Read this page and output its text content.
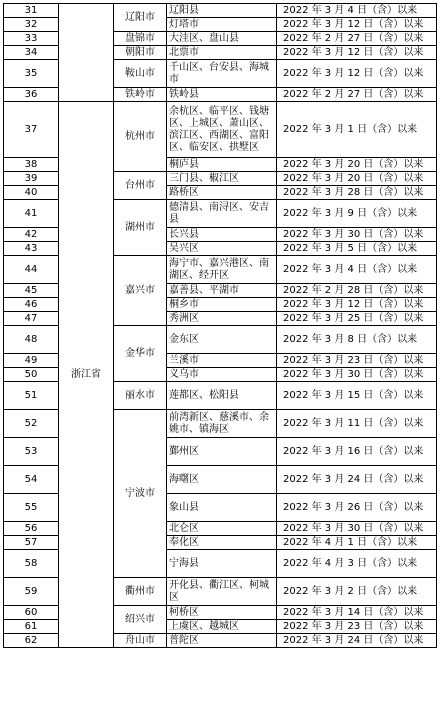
31		辽阳市	辽阳县	2022 年 3 月 4 日（含）以来
32			灯塔市	2022 年 3 月 12 日（含）以来
33		盘锦市	大洼区、盘山县	2022 年 2 月 27 日（含）以来
34		朝阳市	北票市	2022 年 3 月 12 日（含）以来
35		鞍山市	千山区、台安县、海城市	2022 年 3 月 12 日（含）以来
36		铁岭市	铁岭县	2022 年 2 月 27 日（含）以来
37	浙江省	杭州市	余杭区、临平区、钱塘区、上城区、萧山区、滨江区、西湖区、富阳区、临安区、拱墅区	2022 年 3 月 1 日（含）以来
38			桐庐县	2022 年 3 月 20 日（含）以来
39		台州市	三门县、椒江区	2022 年 3 月 20 日（含）以来
40			路桥区	2022 年 3 月 28 日（含）以来
41		湖州市	德清县、南浔区、安吉县	2022 年 3 月 9 日（含）以来
42			长兴县	2022 年 3 月 30 日（含）以来
43			吴兴区	2022 年 3 月 5 日（含）以来
44		嘉兴市	海宁市、嘉兴港区、南湖区、经开区	2022 年 3 月 4 日（含）以来
45			嘉善县、平湖市	2022 年 2 月 28 日（含）以来
46			桐乡市	2022 年 3 月 12 日（含）以来
47			秀洲区	2022 年 3 月 25 日（含）以来
48		金华市	金东区	2022 年 3 月 8 日（含）以来
49			兰溪市	2022 年 3 月 23 日（含）以来
50			义乌市	2022 年 3 月 30 日（含）以来
51		丽水市	莲都区、松阳县	2022 年 3 月 15 日（含）以来
52		宁波市	前湾新区、慈溪市、余姚市、镇海区	2022 年 3 月 11 日（含）以来
53			鄞州区	2022 年 3 月 16 日（含）以来
54			海曙区	2022 年 3 月 24 日（含）以来
55			象山县	2022 年 3 月 26 日（含）以来
56			北仑区	2022 年 3 月 30 日（含）以来
57			奉化区	2022 年 4 月 1 日（含）以来
58			宁海县	2022 年 4 月 3 日（含）以来
59		衢州市	开化县、衢江区、柯城区	2022 年 3 月 2 日（含）以来
60		绍兴市	柯桥区	2022 年 3 月 14 日（含）以来
61			上虞区、越城区	2022 年 3 月 23 日（含）以来
62		舟山市	普陀区	2022 年 3 月 24 日（含）以来
